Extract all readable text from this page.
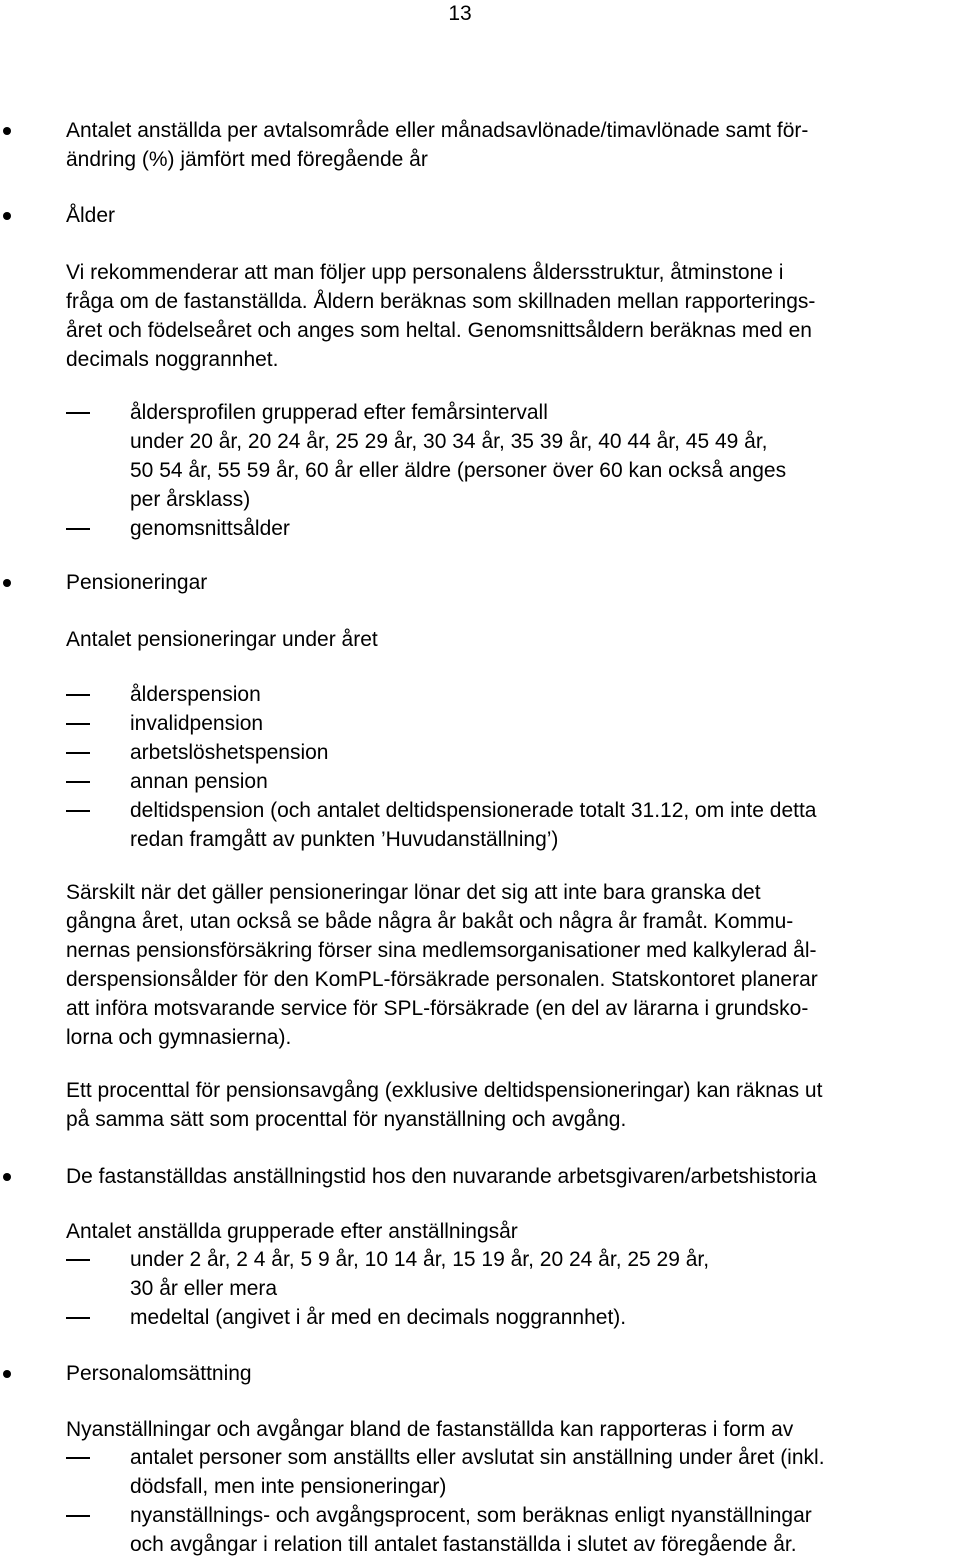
13
Antalet anställda per avtalsområde eller månadsavlönade/timavlönade samt för-
ändring (%) jämfört med föregående år
Ålder
Vi rekommenderar att man följer upp personalens åldersstruktur, åtminstone i
fråga om de fastanställda. Åldern beräknas som skillnaden mellan rapporterings-
året och födelseåret och anges som heltal. Genomsnittsåldern beräknas med en
decimals noggrannhet.
åldersprofilen grupperad efter femårsintervall
under 20 år, 20 24 år, 25 29 år, 30 34 år, 35 39 år, 40 44 år, 45 49 år,
50 54 år, 55 59 år, 60 år eller äldre (personer över 60 kan också anges
per årsklass)
genomsnittsålder
Pensioneringar
Antalet pensioneringar under året
ålderspension
invalidpension
arbetslöshetspension
annan pension
deltidspension (och antalet deltidspensionerade totalt 31.12, om inte detta
redan framgått av punkten ’Huvudanställning’)
Särskilt när det gäller pensioneringar lönar det sig att inte bara granska det
gångna året, utan också se både några år bakåt och några år framåt. Kommu-
nernas pensionsförsäkring förser sina medlemsorganisationer med kalkylerad ål-
derspensionsålder för den KomPL-försäkrade personalen. Statskontoret planerar
att införa motsvarande service för SPL-försäkrade (en del av lärarna i grundsko-
lorna och gymnasierna).
Ett procenttal för pensionsavgång (exklusive deltidspensioneringar) kan räknas ut
på samma sätt som procenttal för nyanställning och avgång.
De fastanställdas anställningstid hos den nuvarande arbetsgivaren/arbetshistoria
Antalet anställda grupperade efter anställningsår
under 2 år, 2 4 år, 5 9 år, 10 14 år, 15 19 år, 20 24 år, 25 29 år,
30 år eller mera
medeltal (angivet i år med en decimals noggrannhet).
Personalomsättning
Nyanställningar och avgångar bland de fastanställda kan rapporteras i form av
antalet personer som anställts eller avslutat sin anställning under året (inkl.
dödsfall, men inte pensioneringar)
nyanställnings- och avgångsprocent, som beräknas enligt nyanställningar
och avgångar i relation till antalet fastanställda i slutet av föregående år.
